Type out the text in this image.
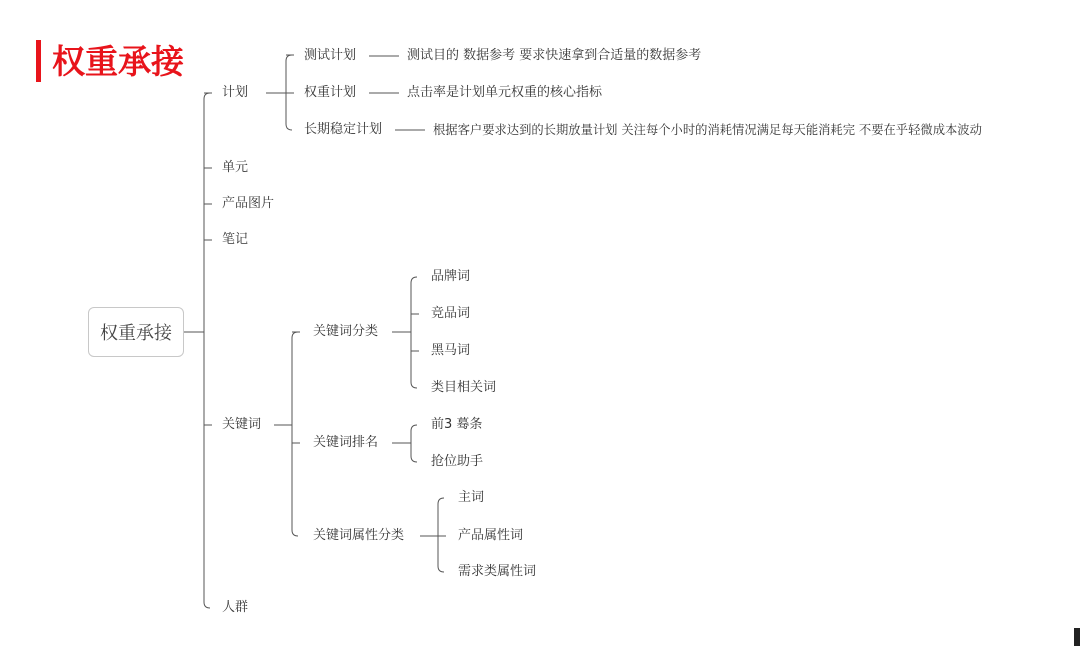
权重承接
权重承接
计划
单元
产品图片
笔记
关键词
人群
测试计划	测试目的 数据参考 要求快速拿到合适量的数据参考
权重计划	点击率是计划单元权重的核心指标
长期稳定计划	根据客户要求达到的长期放量计划 关注每个小时的消耗情况满足每天能消耗完 不要在乎轻微成本波动
关键词分类
关键词排名
关键词属性分类
品牌词
竞品词
黑马词
类目相关词
前3 蓦条
抢位助手
主词
产品属性词
需求类属性词
